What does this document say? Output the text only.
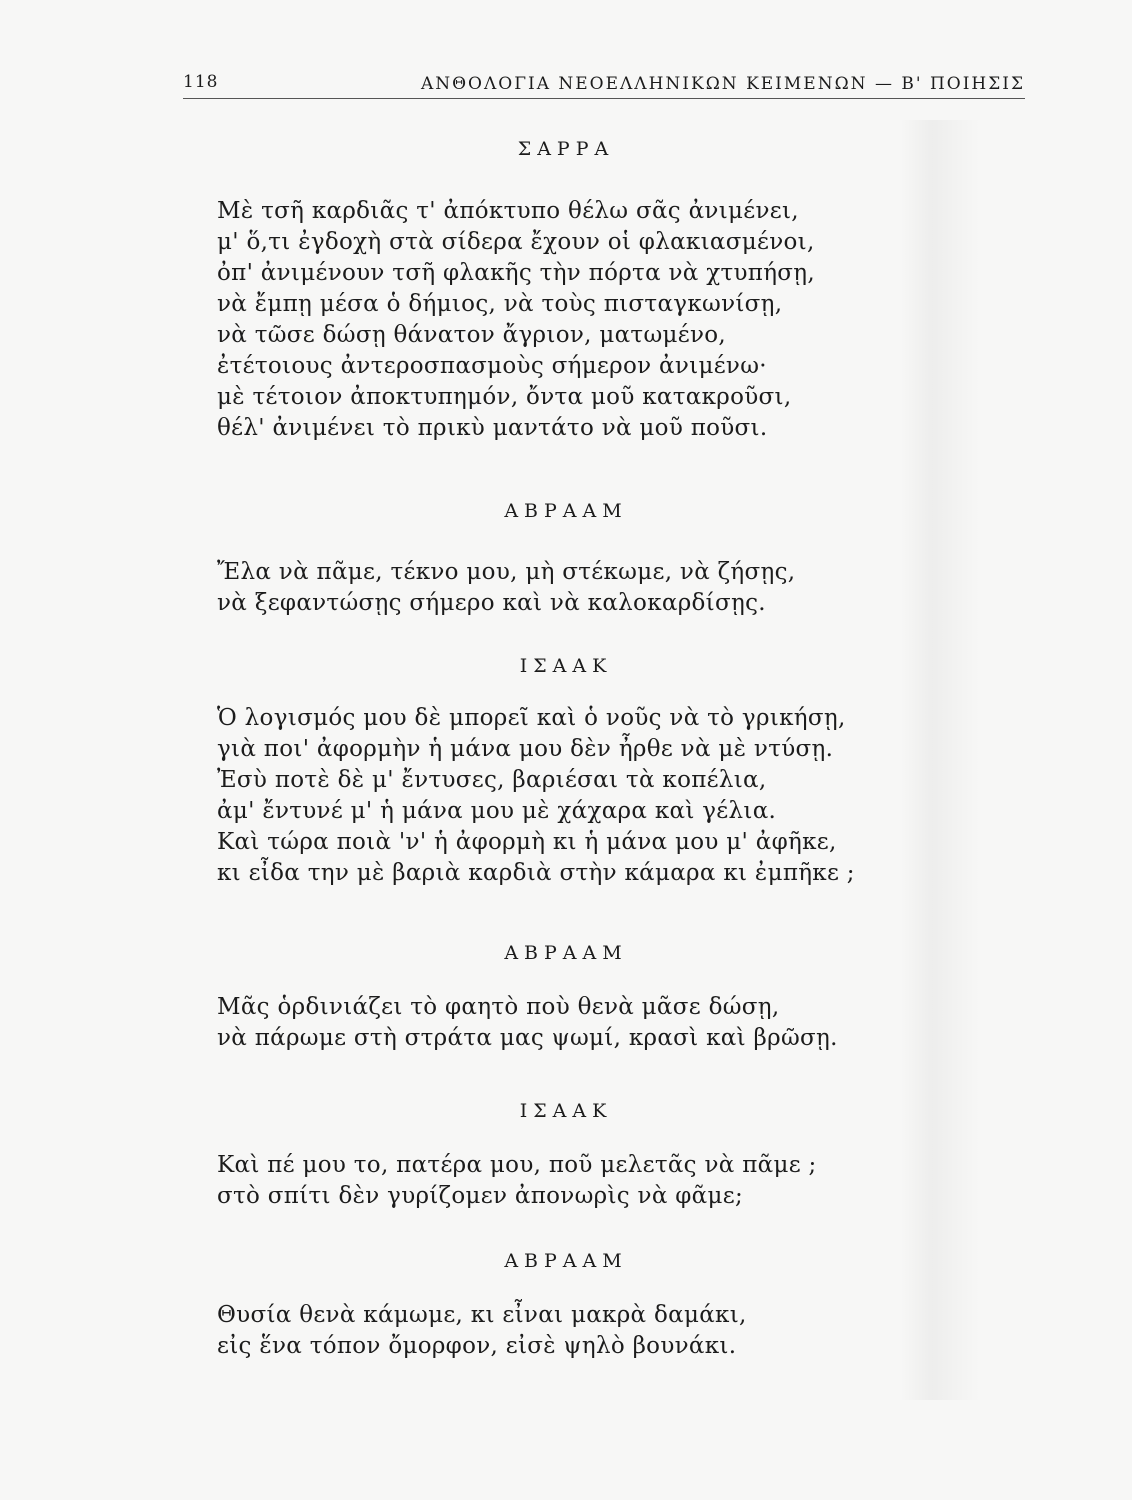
118	ΑΝΘΟΛΟΓΙΑ ΝΕΟΕΛΛΗΝΙΚΩΝ ΚΕΙΜΕΝΩΝ — Β' ΠΟΙΗΣΙΣ
ΣΑΡΡΑ
Μὲ τσῆ καρδιᾶς τ' ἀπόκτυπο θέλω σᾶς ἀνιμένει,
μ' ὅ,τι ἐγδοχὴ στὰ σίδερα ἔχουν οἱ φλακιασμένοι,
ὀπ' ἀνιμένουν τσῆ φλακῆς τὴν πόρτα νὰ χτυπήσῃ,
νὰ ἔμπῃ μέσα ὁ δήμιος, νὰ τοὺς πισταγκωνίσῃ,
νὰ τῶσε δώσῃ θάνατον ἄγριον, ματωμένο,
ἐτέτοιους ἀντεροσπασμοὺς σήμερον ἀνιμένω·
μὲ τέτοιον ἀποκτυπημόν, ὄντα μοῦ κατακροῦσι,
θέλ' ἀνιμένει τὸ πρικὺ μαντάτο νὰ μοῦ ποῦσι.
ΑΒΡΑΑΜ
Ἔλα νὰ πᾶμε, τέκνο μου, μὴ στέκωμε, νὰ ζήσῃς,
νὰ ξεφαντώσῃς σήμερο καὶ νὰ καλοκαρδίσῃς.
ΙΣΑΑΚ
Ὁ λογισμός μου δὲ μπορεῖ καὶ ὁ νοῦς νὰ τὸ γρικήσῃ,
γιὰ ποι' ἀφορμὴν ἡ μάνα μου δὲν ἦρθε νὰ μὲ ντύσῃ.
Ἐσὺ ποτὲ δὲ μ' ἔντυσες, βαριέσαι τὰ κοπέλια,
ἀμ' ἔντυνέ μ' ἡ μάνα μου μὲ χάχαρα καὶ γέλια.
Καὶ τώρα ποιὰ 'ν' ἡ ἀφορμὴ κι ἡ μάνα μου μ' ἀφῆκε,
κι εἶδα την μὲ βαριὰ καρδιὰ στὴν κάμαρα κι ἐμπῆκε ;
ΑΒΡΑΑΜ
Μᾶς ὁρδινιάζει τὸ φαητὸ ποὺ θενὰ μᾶσε δώσῃ,
νὰ πάρωμε στὴ στράτα μας ψωμί, κρασὶ καὶ βρῶσῃ.
ΙΣΑΑΚ
Καὶ πέ μου το, πατέρα μου, ποῦ μελετᾶς νὰ πᾶμε ;
στὸ σπίτι δὲν γυρίζομεν ἀπονωρὶς νὰ φᾶμε;
ΑΒΡΑΑΜ
Θυσία θενὰ κάμωμε, κι εἶναι μακρὰ δαμάκι,
εἰς ἕνα τόπον ὄμορφον, εἰσὲ ψηλὸ βουνάκι.
